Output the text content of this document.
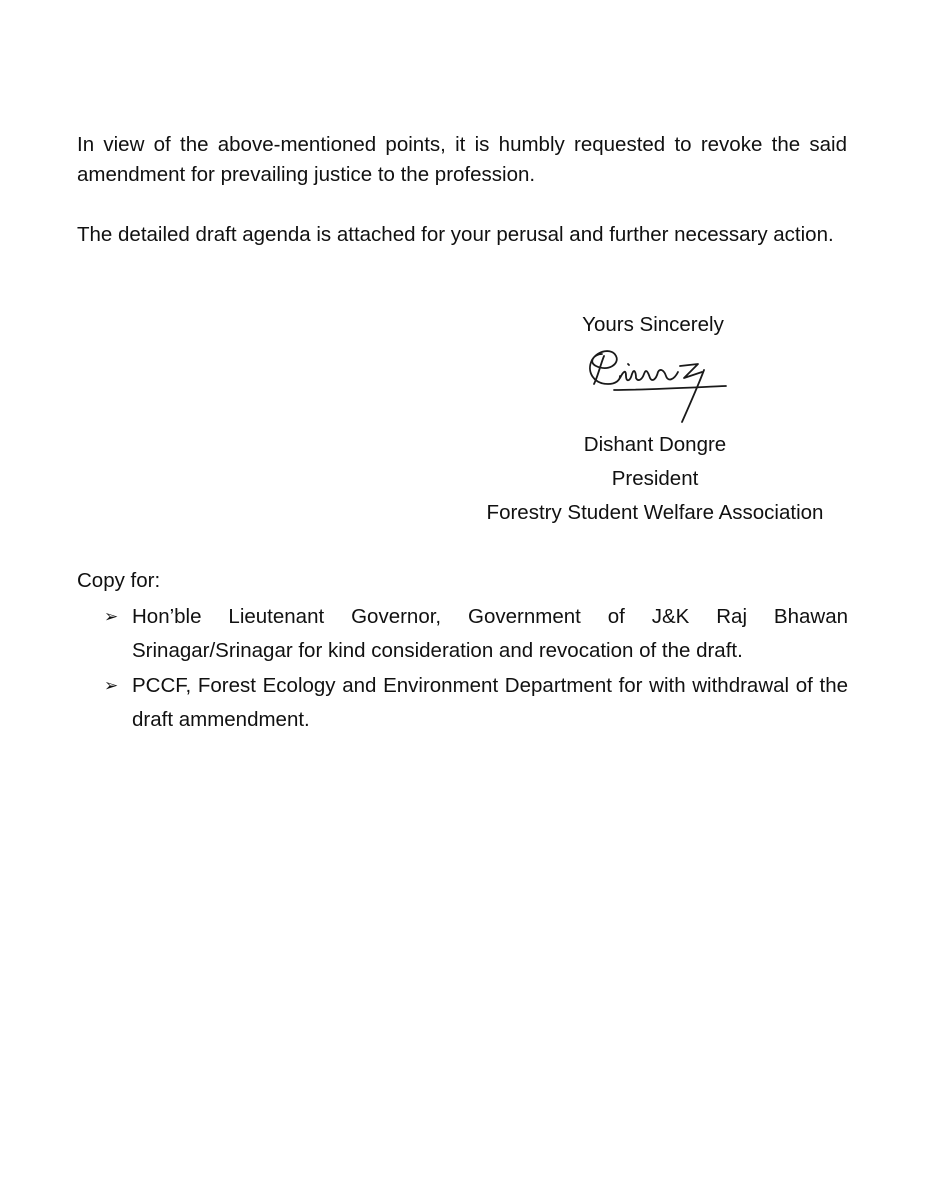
In view of the above-mentioned points, it is humbly requested to revoke the said amendment for prevailing justice to the profession.

The detailed draft agenda is attached for your perusal and further necessary action.

Yours Sincerely
Dishant Dongre
President
Forestry Student Welfare Association
Copy for:
➢ Hon’ble Lieutenant Governor, Government of J&K Raj Bhawan Srinagar/Srinagar for kind consideration and revocation of the draft.
➢ PCCF, Forest Ecology and Environment Department for with withdrawal of the draft ammendment.
